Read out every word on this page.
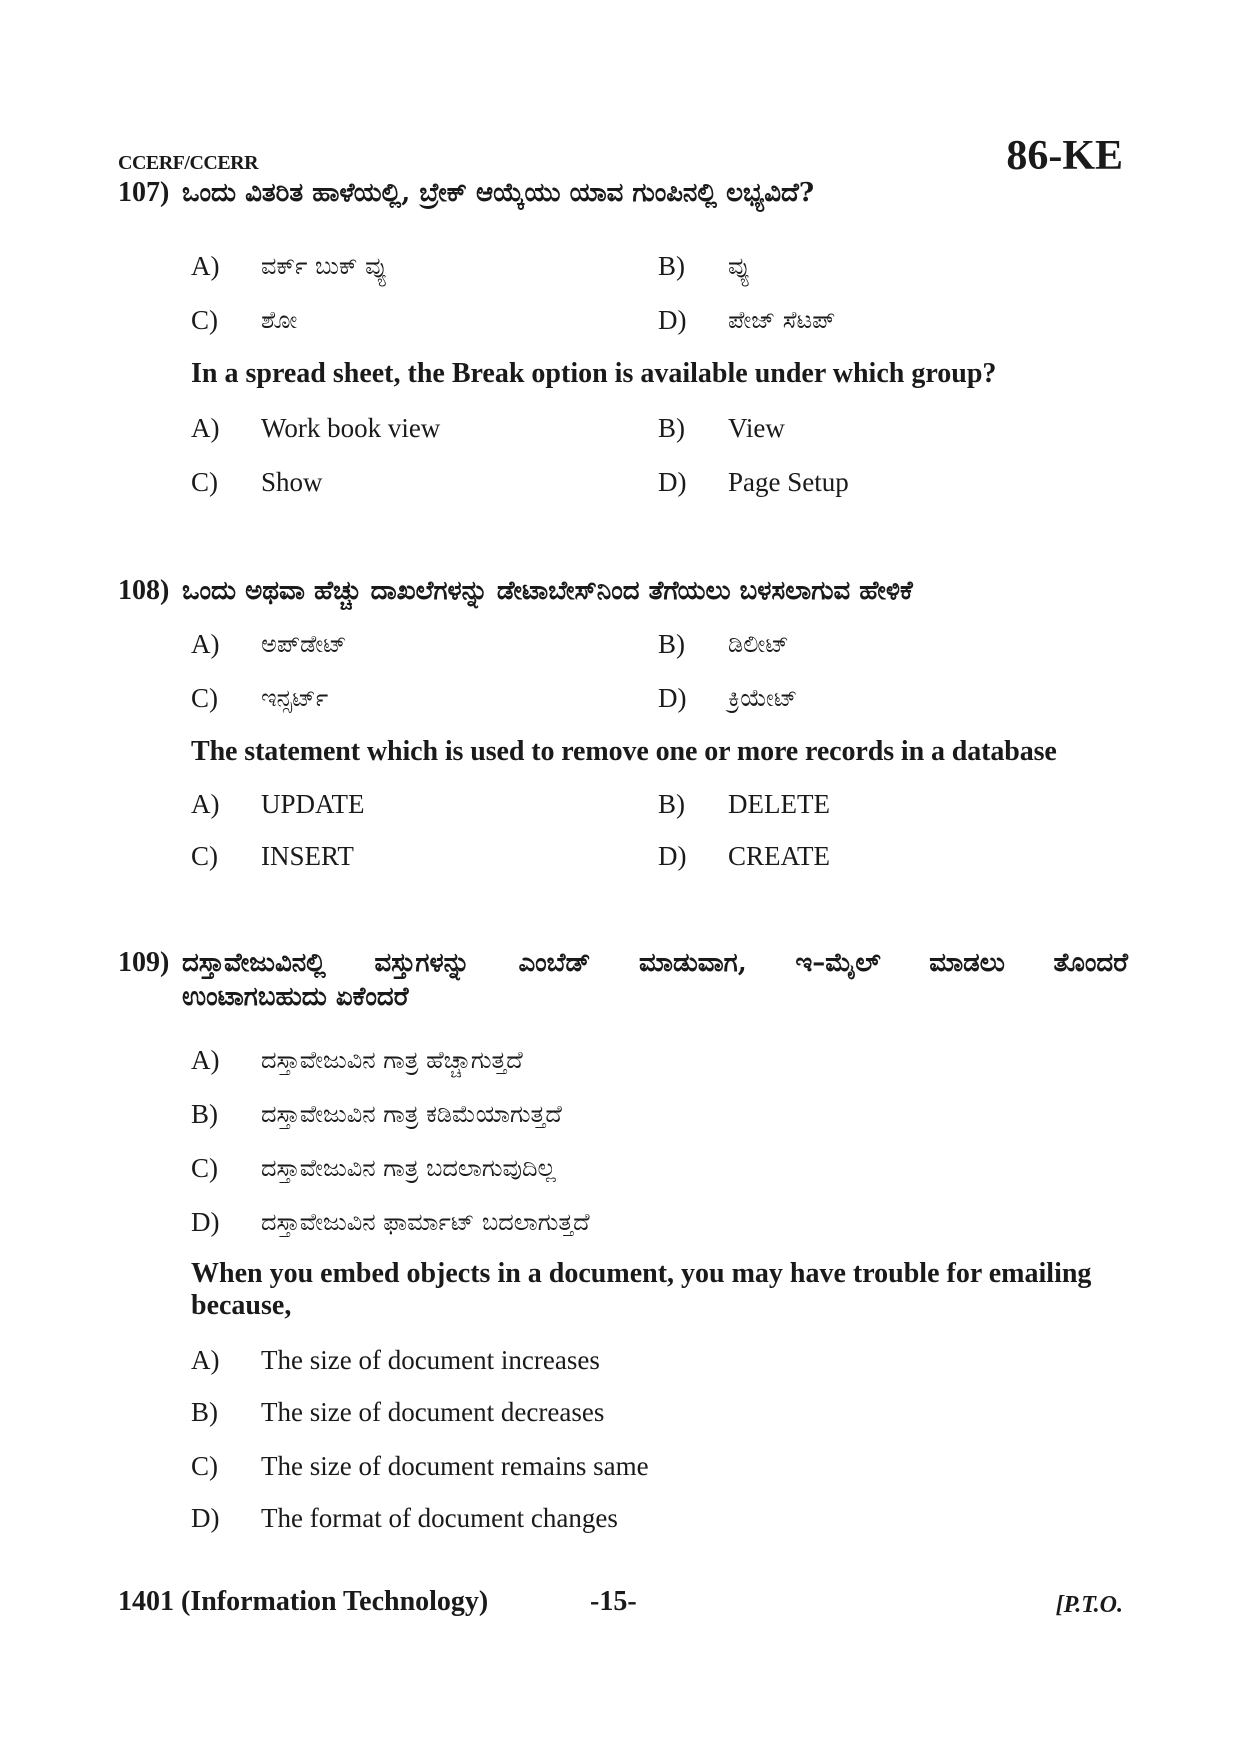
CCERF/CCERR	86-KE
107) ಒಂದು ವಿತರಿತ ಹಾಳೆಯಲ್ಲಿ, ಬ್ರೇಕ್ ಆಯ್ಕೆಯು ಯಾವ ಗುಂಪಿನಲ್ಲಿ ಲಭ್ಯವಿದೆ?
A)	ವರ್ಕ್ ಬುಕ್ ವ್ಯು	B)	ವ್ಯು
C)	ಶೋ	D)	ಪೇಜ್ ಸೆಟಪ್
In a spread sheet, the Break option is available under which group?
A)	Work book view	B)	View
C)	Show	D)	Page Setup
108) ಒಂದು ಅಥವಾ ಹೆಚ್ಚು ದಾಖಲೆಗಳನ್ನು ಡೇಟಾಬೇಸ್‌ನಿಂದ ತೆಗೆಯಲು ಬಳಸಲಾಗುವ ಹೇಳಿಕೆ
A)	ಅಪ್‌ಡೇಟ್	B)	ಡಿಲೀಟ್
C)	ಇನ್ಸರ್ಟ್	D)	ಕ್ರಿಯೇಟ್
The statement which is used to remove one or more records in a database
A)	UPDATE	B)	DELETE
C)	INSERT	D)	CREATE
109) ದಸ್ತಾವೇಜುವಿನಲ್ಲಿ ವಸ್ತುಗಳನ್ನು ಎಂಬೆಡ್ ಮಾಡುವಾಗ, ಇ–ಮೈಲ್ ಮಾಡಲು ತೊಂದರೆ
ಉಂಟಾಗಬಹುದು ಏಕೆಂದರೆ
A)	ದಸ್ತಾವೇಜುವಿನ ಗಾತ್ರ ಹೆಚ್ಚಾಗುತ್ತದೆ
B)	ದಸ್ತಾವೇಜುವಿನ ಗಾತ್ರ ಕಡಿಮೆಯಾಗುತ್ತದೆ
C)	ದಸ್ತಾವೇಜುವಿನ ಗಾತ್ರ ಬದಲಾಗುವುದಿಲ್ಲ
D)	ದಸ್ತಾವೇಜುವಿನ ಫಾರ್ಮಾಟ್ ಬದಲಾಗುತ್ತದೆ
When you embed objects in a document, you may have trouble for emailing
because,
A)	The size of document increases
B)	The size of document decreases
C)	The size of document remains same
D)	The format of document changes
1401 (Information Technology)	-15-	[P.T.O.
